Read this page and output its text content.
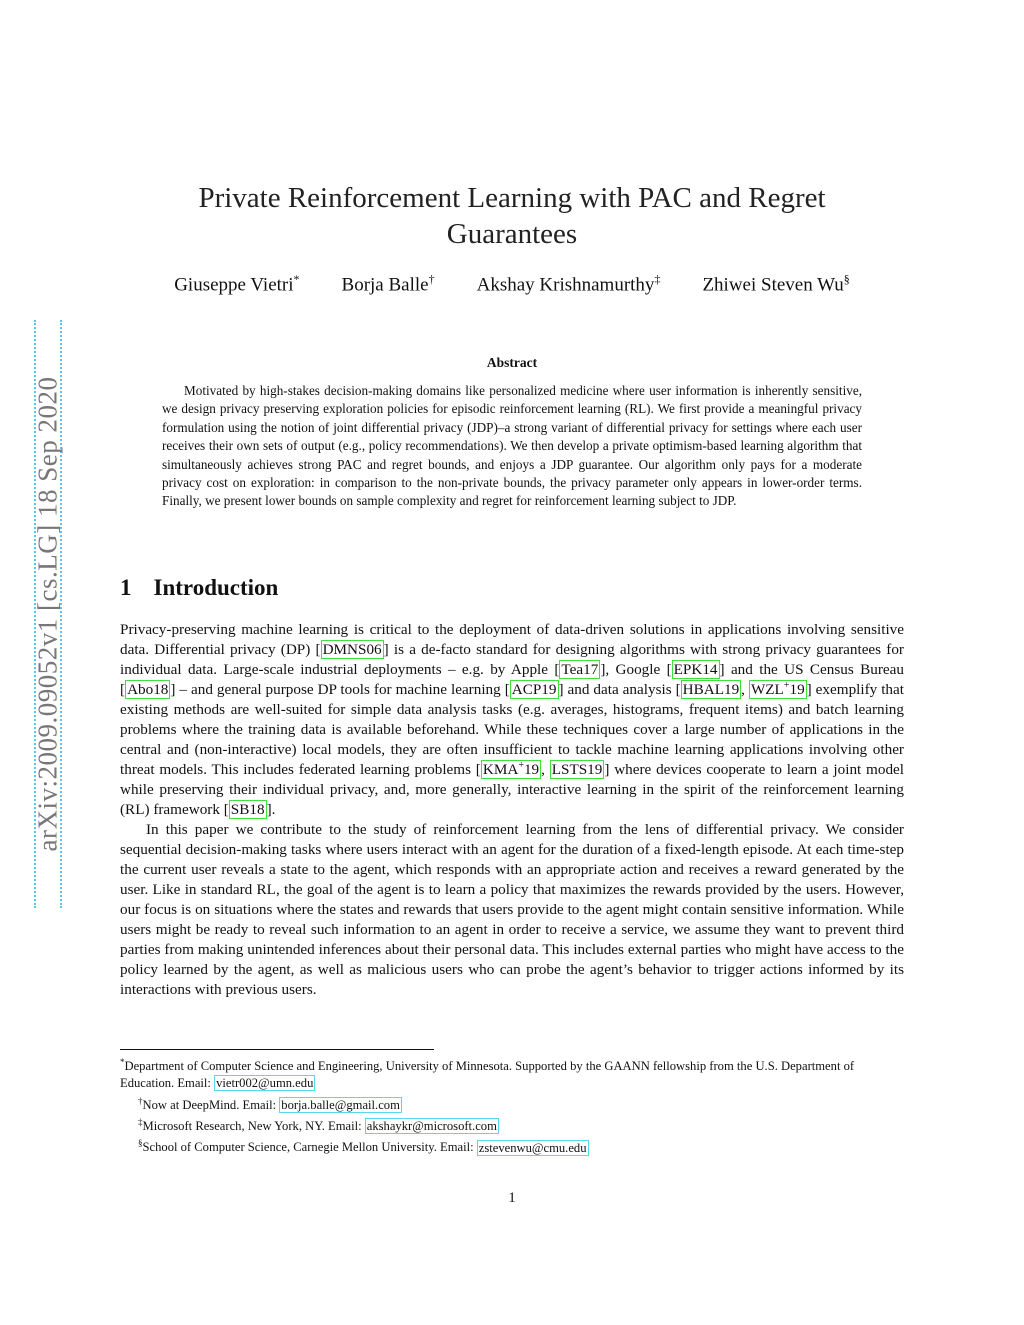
arXiv:2009.09052v1 [cs.LG] 18 Sep 2020
Private Reinforcement Learning with PAC and Regret Guarantees
Giuseppe Vietri* Borja Balle† Akshay Krishnamurthy‡ Zhiwei Steven Wu§
Abstract
Motivated by high-stakes decision-making domains like personalized medicine where user information is inherently sensitive, we design privacy preserving exploration policies for episodic reinforcement learning (RL). We first provide a meaningful privacy formulation using the notion of joint differential privacy (JDP)–a strong variant of differential privacy for settings where each user receives their own sets of output (e.g., policy recommendations). We then develop a private optimism-based learning algorithm that simultaneously achieves strong PAC and regret bounds, and enjoys a JDP guarantee. Our algorithm only pays for a moderate privacy cost on exploration: in comparison to the non-private bounds, the privacy parameter only appears in lower-order terms. Finally, we present lower bounds on sample complexity and regret for reinforcement learning subject to JDP.
1 Introduction

Privacy-preserving machine learning is critical to the deployment of data-driven solutions in applications involving sensitive data. Differential privacy (DP) [ DMNS06 ] is a de-facto standard for designing algorithms with strong privacy guarantees for individual data. Large-scale industrial deployments – e.g. by Apple [ Tea17 ], Google [ EPK14 ] and the US Census Bureau [ Abo18 ] – and general purpose DP tools for machine learning [ ACP19 ] and data analysis [ HBAL19 , WZL+19 ] exemplify that existing methods are well-suited for simple data analysis tasks (e.g. averages, histograms, frequent items) and batch learning problems where the training data is available beforehand. While these techniques cover a large number of applications in the central and (non-interactive) local models, they are often insufficient to tackle machine learning applications involving other threat models. This includes federated learning problems [ KMA+19 , LSTS19 ] where devices cooperate to learn a joint model while preserving their individual privacy, and, more generally, interactive learning in the spirit of the reinforcement learning (RL) framework [ SB18 ].

In this paper we contribute to the study of reinforcement learning from the lens of differential privacy. We consider sequential decision-making tasks where users interact with an agent for the duration of a fixed-length episode. At each time-step the current user reveals a state to the agent, which responds with an appropriate action and receives a reward generated by the user. Like in standard RL, the goal of the agent is to learn a policy that maximizes the rewards provided by the users. However, our focus is on situations where the states and rewards that users provide to the agent might contain sensitive information. While users might be ready to reveal such information to an agent in order to receive a service, we assume they want to prevent third parties from making unintended inferences about their personal data. This includes external parties who might have access to the policy learned by the agent, as well as malicious users who can probe the agent’s behavior to trigger actions informed by its interactions with previous users.

*Department of Computer Science and Engineering, University of Minnesota. Supported by the GAANN fellowship from the U.S. Department of Education. Email: vietr002@umn.edu

†Now at DeepMind. Email: borja.balle@gmail.com

‡Microsoft Research, New York, NY. Email: akshaykr@microsoft.com

§School of Computer Science, Carnegie Mellon University. Email: zstevenwu@cmu.edu

1
